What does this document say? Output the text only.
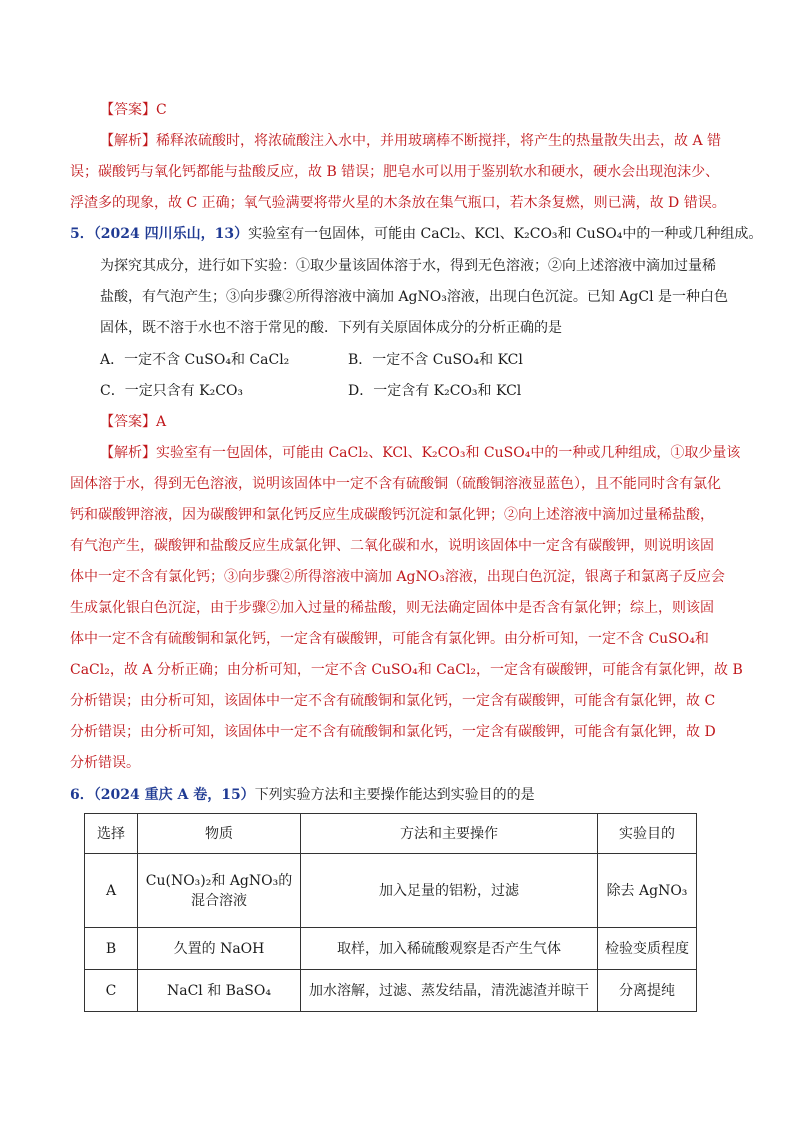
【答案】C
【解析】稀释浓硫酸时，将浓硫酸注入水中，并用玻璃棒不断搅拌，将产生的热量散失出去，故 A 错
误；碳酸钙与氧化钙都能与盐酸反应，故 B 错误；肥皂水可以用于鉴别软水和硬水，硬水会出现泡沫少、
浮渣多的现象，故 C 正确；氧气验满要将带火星的木条放在集气瓶口，若木条复燃，则已满，故 D 错误。
5．（2024 四川乐山，13）实验室有一包固体，可能由 CaCl₂、KCl、K₂CO₃和 CuSO₄中的一种或几种组成。
为探究其成分，进行如下实验：①取少量该固体溶于水，得到无色溶液；②向上述溶液中滴加过量稀
盐酸，有气泡产生；③向步骤②所得溶液中滴加 AgNO₃溶液，出现白色沉淀。已知 AgCl 是一种白色
固体，既不溶于水也不溶于常见的酸．下列有关原固体成分的分析正确的是
A．一定不含 CuSO₄和 CaCl₂	B．一定不含 CuSO₄和 KCl
C．一定只含有 K₂CO₃	D．一定含有 K₂CO₃和 KCl
【答案】A
【解析】实验室有一包固体，可能由 CaCl₂、KCl、K₂CO₃和 CuSO₄中的一种或几种组成，①取少量该
固体溶于水，得到无色溶液，说明该固体中一定不含有硫酸铜（硫酸铜溶液显蓝色），且不能同时含有氯化
钙和碳酸钾溶液，因为碳酸钾和氯化钙反应生成碳酸钙沉淀和氯化钾；②向上述溶液中滴加过量稀盐酸，
有气泡产生，碳酸钾和盐酸反应生成氯化钾、二氧化碳和水，说明该固体中一定含有碳酸钾，则说明该固
体中一定不含有氯化钙；③向步骤②所得溶液中滴加 AgNO₃溶液，出现白色沉淀，银离子和氯离子反应会
生成氯化银白色沉淀，由于步骤②加入过量的稀盐酸，则无法确定固体中是否含有氯化钾；综上，则该固
体中一定不含有硫酸铜和氯化钙，一定含有碳酸钾，可能含有氯化钾。由分析可知，一定不含 CuSO₄和
CaCl₂，故 A 分析正确；由分析可知，一定不含 CuSO₄和 CaCl₂，一定含有碳酸钾，可能含有氯化钾，故 B
分析错误；由分析可知，该固体中一定不含有硫酸铜和氯化钙，一定含有碳酸钾，可能含有氯化钾，故 C
分析错误；由分析可知，该固体中一定不含有硫酸铜和氯化钙，一定含有碳酸钾，可能含有氯化钾，故 D
分析错误。
6．（2024 重庆 A 卷，15）下列实验方法和主要操作能达到实验目的的是
选择	物质	方法和主要操作	实验目的
A	Cu(NO₃)₂和 AgNO₃的混合溶液	加入足量的铝粉，过滤	除去 AgNO₃
B	久置的 NaOH	取样，加入稀硫酸观察是否产生气体	检验变质程度
C	NaCl 和 BaSO₄	加水溶解，过滤、蒸发结晶，清洗滤渣并晾干	分离提纯
